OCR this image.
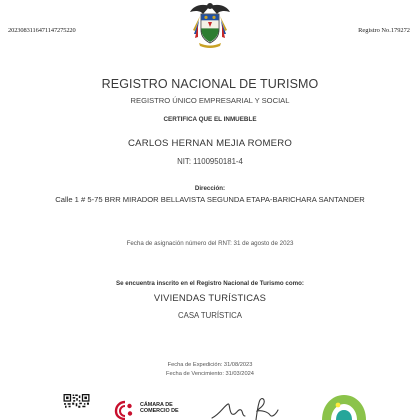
20230831164711472752​20	Registro No.179272
REGISTRO NACIONAL DE TURISMO
REGISTRO ÚNICO EMPRESARIAL Y SOCIAL
CERTIFICA QUE EL INMUEBLE
CARLOS HERNAN MEJIA ROMERO
NIT: 1100950181-4
Dirección:
Calle 1 # 5-75 BRR MIRADOR BELLAVISTA SEGUNDA ETAPA-BARICHARA SANTANDER
Fecha de asignación número del RNT: 31 de agosto de 2023
Se encuentra inscrito en el Registro Nacional de Turismo como:
VIVIENDAS TURÍSTICAS
CASA TURÍSTICA
Fecha de Expedición: 31/08/2023
Fecha de Vencimiento: 31/03/2024
CÁMARA DE
COMERCIO DE
